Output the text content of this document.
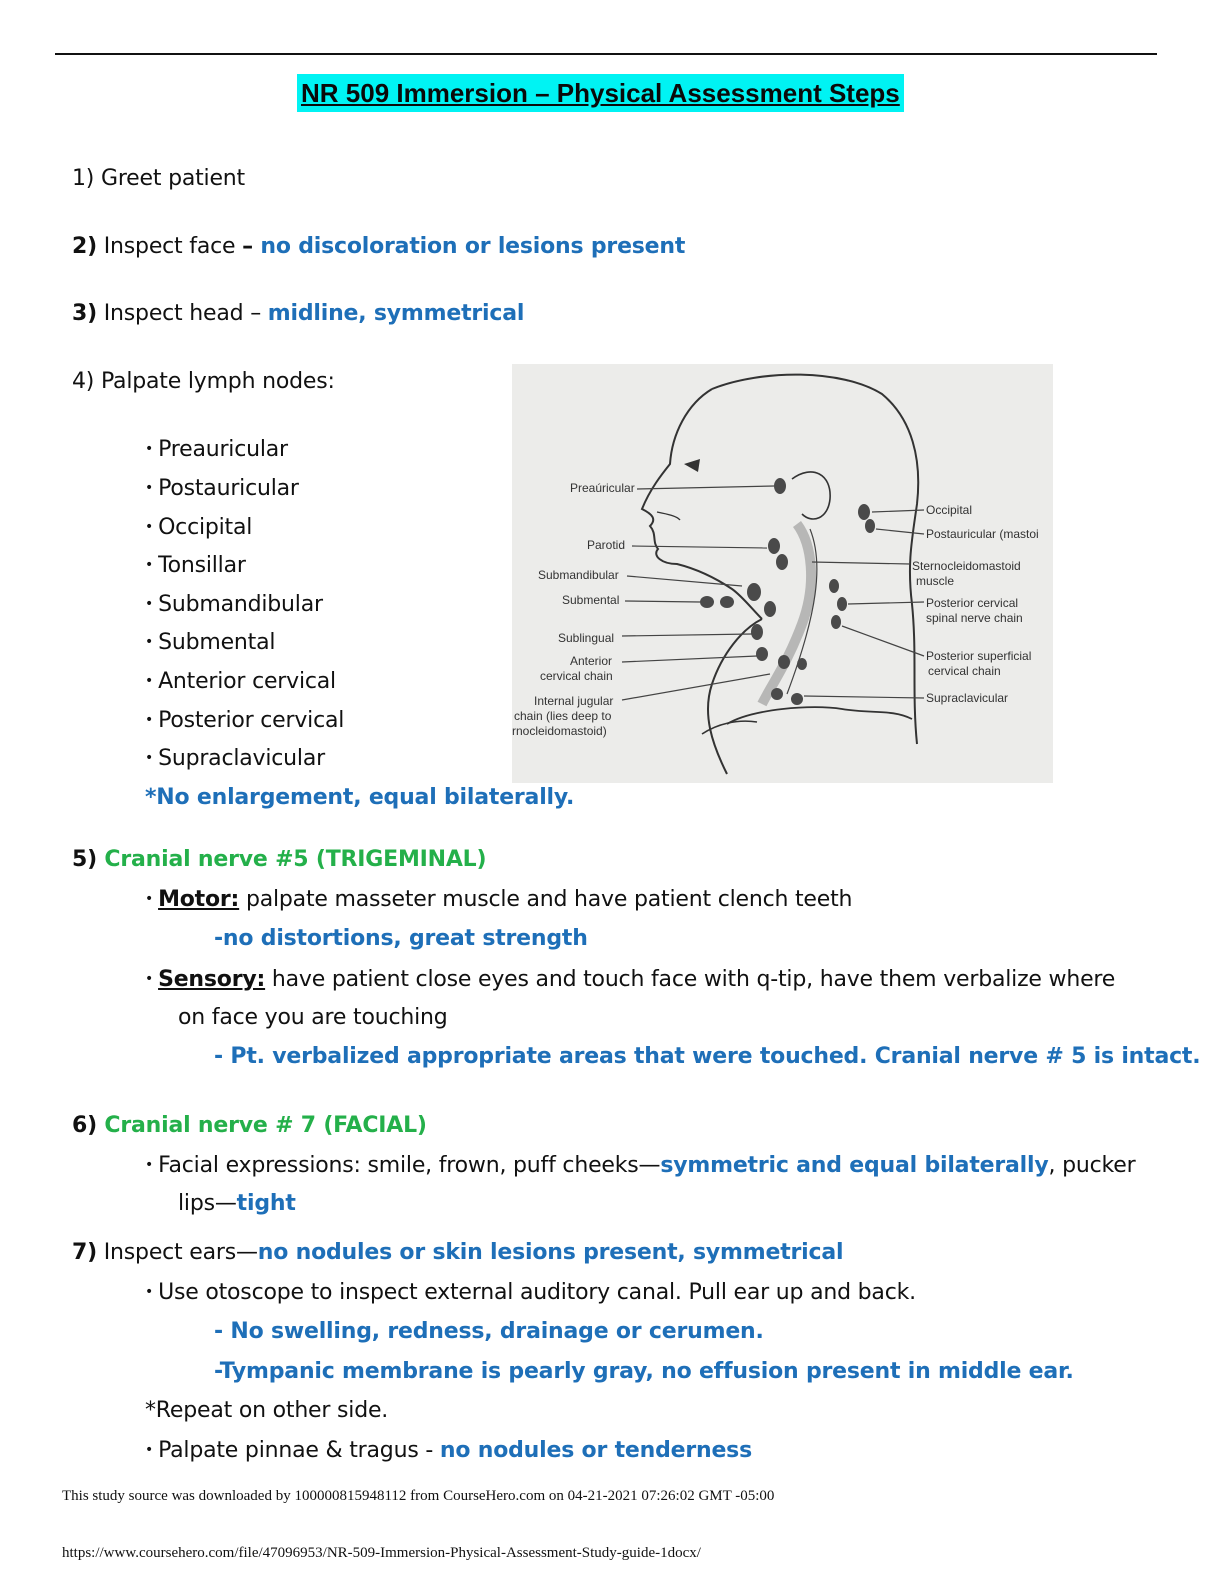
NR 509 Immersion – Physical Assessment Steps
1) Greet patient
2) Inspect face – no discoloration or lesions present
3) Inspect head – midline, symmetrical
4) Palpate lymph nodes:
• Preauricular
• Postauricular
• Occipital
• Tonsillar
• Submandibular
• Submental
• Anterior cervical
• Posterior cervical
• Supraclavicular
*No enlargement, equal bilaterally.
Preaúricular
Parotid
Submandibular
Submental
Sublingual
Anterior
cervical chain
Internal jugular
chain (lies deep to
rnocleidomastoid)
Occipital
Postauricular (mastoi
Sternocleidomastoid
muscle
Posterior cervical
spinal nerve chain
Posterior superficial
cervical chain
Supraclavicular
5) Cranial nerve #5 (TRIGEMINAL)
• Motor: palpate masseter muscle and have patient clench teeth
-no distortions, great strength
• Sensory: have patient close eyes and touch face with q-tip, have them verbalize where
on face you are touching
- Pt. verbalized appropriate areas that were touched. Cranial nerve # 5 is intact.
6) Cranial nerve # 7 (FACIAL)
• Facial expressions: smile, frown, puff cheeks—symmetric and equal bilaterally, pucker
lips—tight
7) Inspect ears—no nodules or skin lesions present, symmetrical
• Use otoscope to inspect external auditory canal. Pull ear up and back.
- No swelling, redness, drainage or cerumen.
-Tympanic membrane is pearly gray, no effusion present in middle ear.
*Repeat on other side.
• Palpate pinnae & tragus - no nodules or tenderness
This study source was downloaded by 100000815948112 from CourseHero.com on 04-21-2021 07:26:02 GMT -05:00
https://www.coursehero.com/file/47096953/NR-509-Immersion-Physical-Assessment-Study-guide-1docx/
